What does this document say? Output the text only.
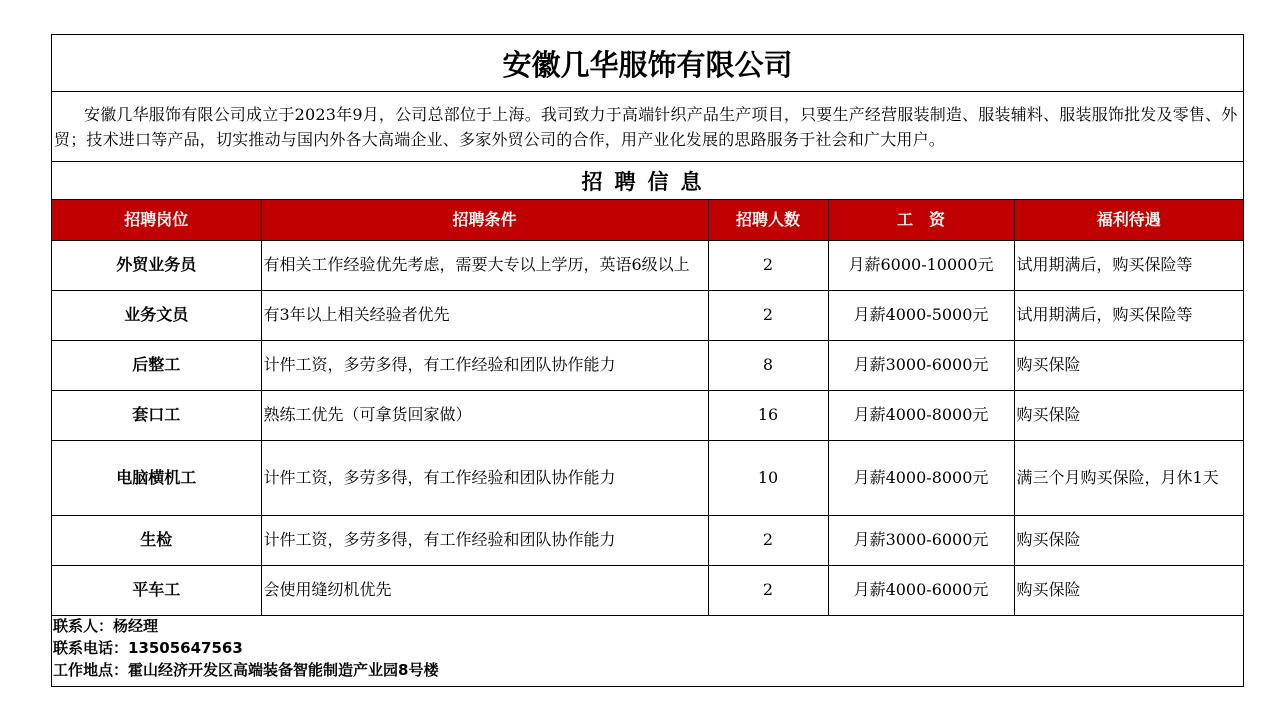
安徽几华服饰有限公司
安徽几华服饰有限公司成立于2023年9月，公司总部位于上海。我司致力于高端针织产品生产项目，只要生产经营服装制造、服装辅料、服装服饰批发及零售、外贸；技术进口等产品，切实推动与国内外各大高端企业、多家外贸公司的合作，用产业化发展的思路服务于社会和广大用户。
招聘信息
招聘岗位	招聘条件	招聘人数	工　资	福利待遇
外贸业务员	有相关工作经验优先考虑，需要大专以上学历，英语6级以上	2	月薪6000-10000元	试用期满后，购买保险等
业务文员	有3年以上相关经验者优先	2	月薪4000-5000元	试用期满后，购买保险等
后整工	计件工资，多劳多得，有工作经验和团队协作能力	8	月薪3000-6000元	购买保险
套口工	熟练工优先（可拿货回家做）	16	月薪4000-8000元	购买保险
电脑横机工	计件工资，多劳多得，有工作经验和团队协作能力	10	月薪4000-8000元	满三个月购买保险，月休1天
生检	计件工资，多劳多得，有工作经验和团队协作能力	2	月薪3000-6000元	购买保险
平车工	会使用缝纫机优先	2	月薪4000-6000元	购买保险
联系人：杨经理
联系电话：13505647563
工作地点：霍山经济开发区高端装备智能制造产业园8号楼
